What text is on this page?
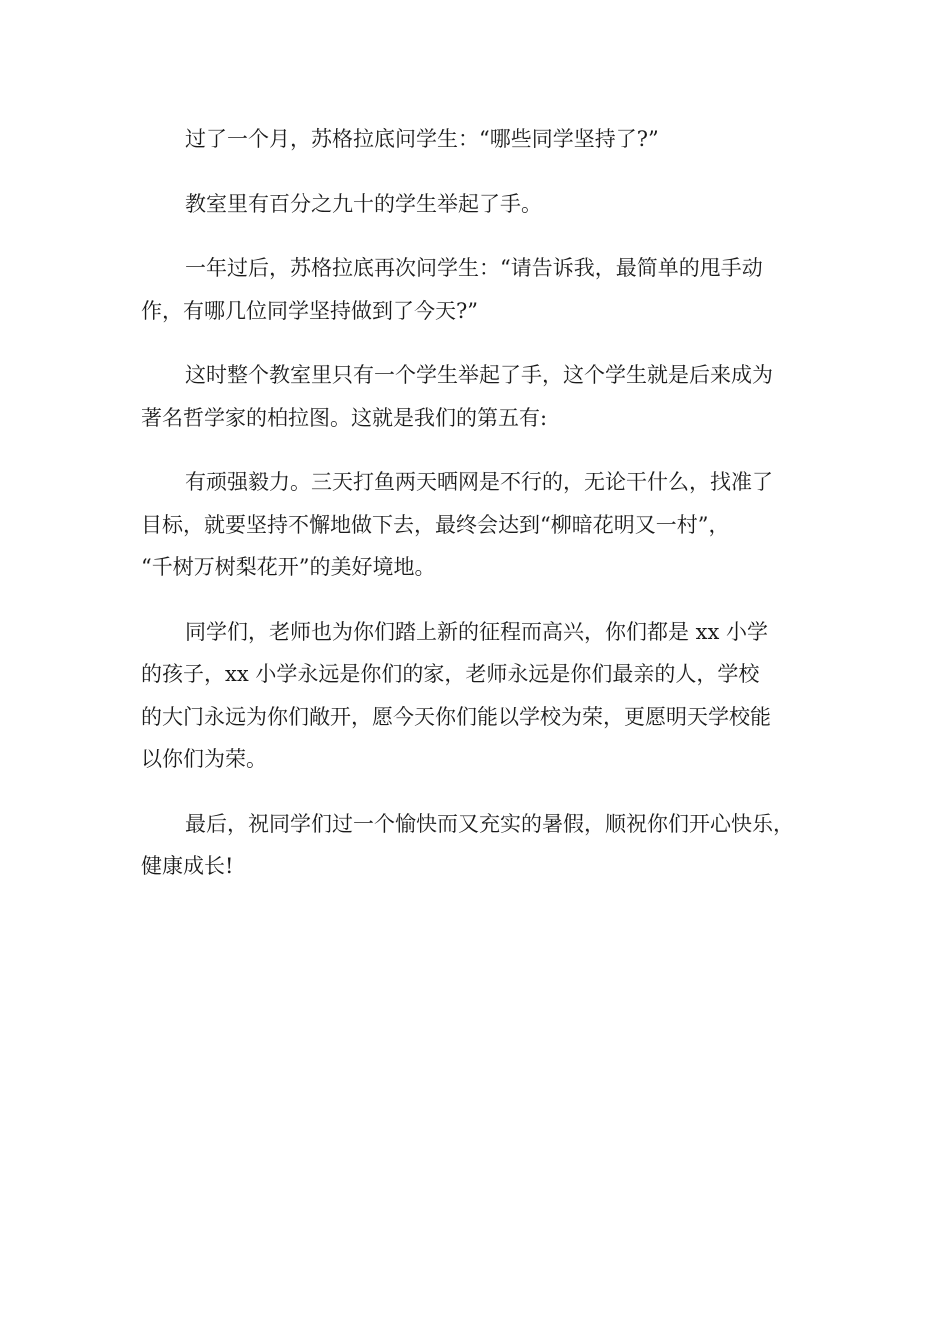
过了一个月，苏格拉底问学生：“哪些同学坚持了?”

教室里有百分之九十的学生举起了手。

一年过后，苏格拉底再次问学生：“请告诉我，最简单的甩手动
作，有哪几位同学坚持做到了今天?”

这时整个教室里只有一个学生举起了手，这个学生就是后来成为
著名哲学家的柏拉图。这就是我们的第五有:

有顽强毅力。三天打鱼两天晒网是不行的，无论干什么，找准了
目标，就要坚持不懈地做下去，最终会达到“柳暗花明又一村”，
“千树万树梨花开”的美好境地。

同学们，老师也为你们踏上新的征程而高兴，你们都是 xx 小学
的孩子，xx 小学永远是你们的家，老师永远是你们最亲的人，学校
的大门永远为你们敞开，愿今天你们能以学校为荣，更愿明天学校能
以你们为荣。

最后，祝同学们过一个愉快而又充实的暑假，顺祝你们开心快乐，
健康成长!
